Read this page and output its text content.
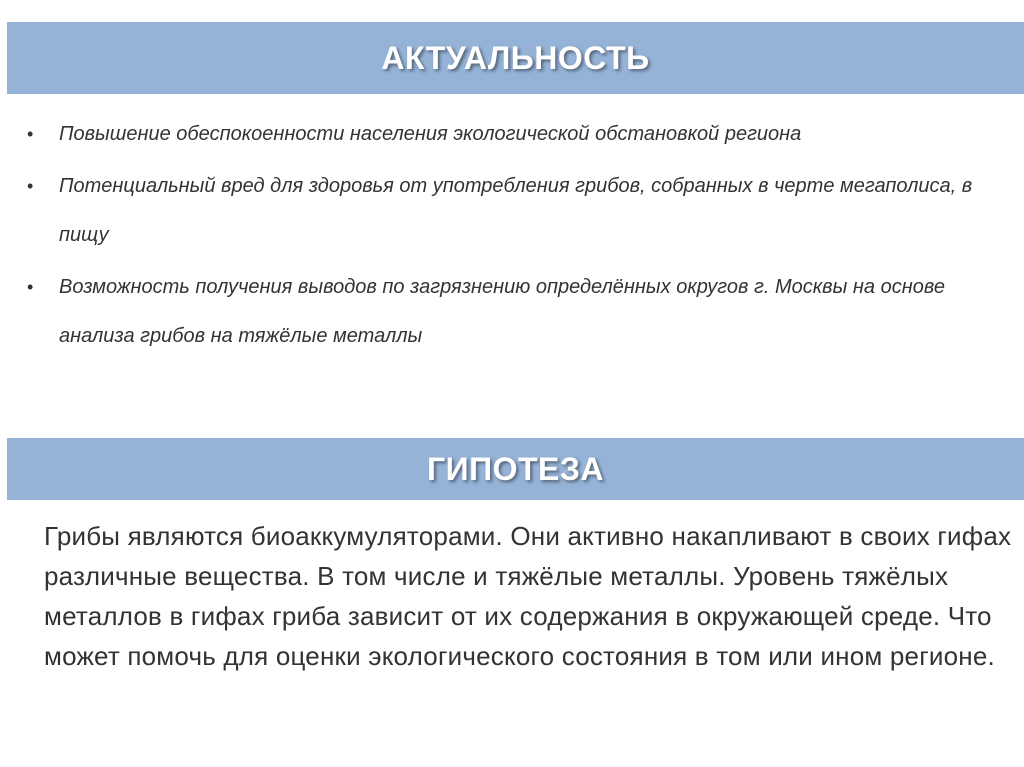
АКТУАЛЬНОСТЬ
• Повышение обеспокоенности населения экологической обстановкой региона
• Потенциальный вред для здоровья от употребления грибов, собранных в черте мегаполиса, в пищу
• Возможность получения выводов по загрязнению определённых округов г. Москвы на основе анализа грибов на тяжёлые металлы
ГИПОТЕЗА
Грибы являются биоаккумуляторами. Они активно накапливают в своих гифах различные вещества. В том числе и тяжёлые металлы. Уровень тяжёлых металлов в гифах гриба зависит от их содержания в окружающей среде. Что может помочь для оценки экологического состояния в том или ином регионе.
